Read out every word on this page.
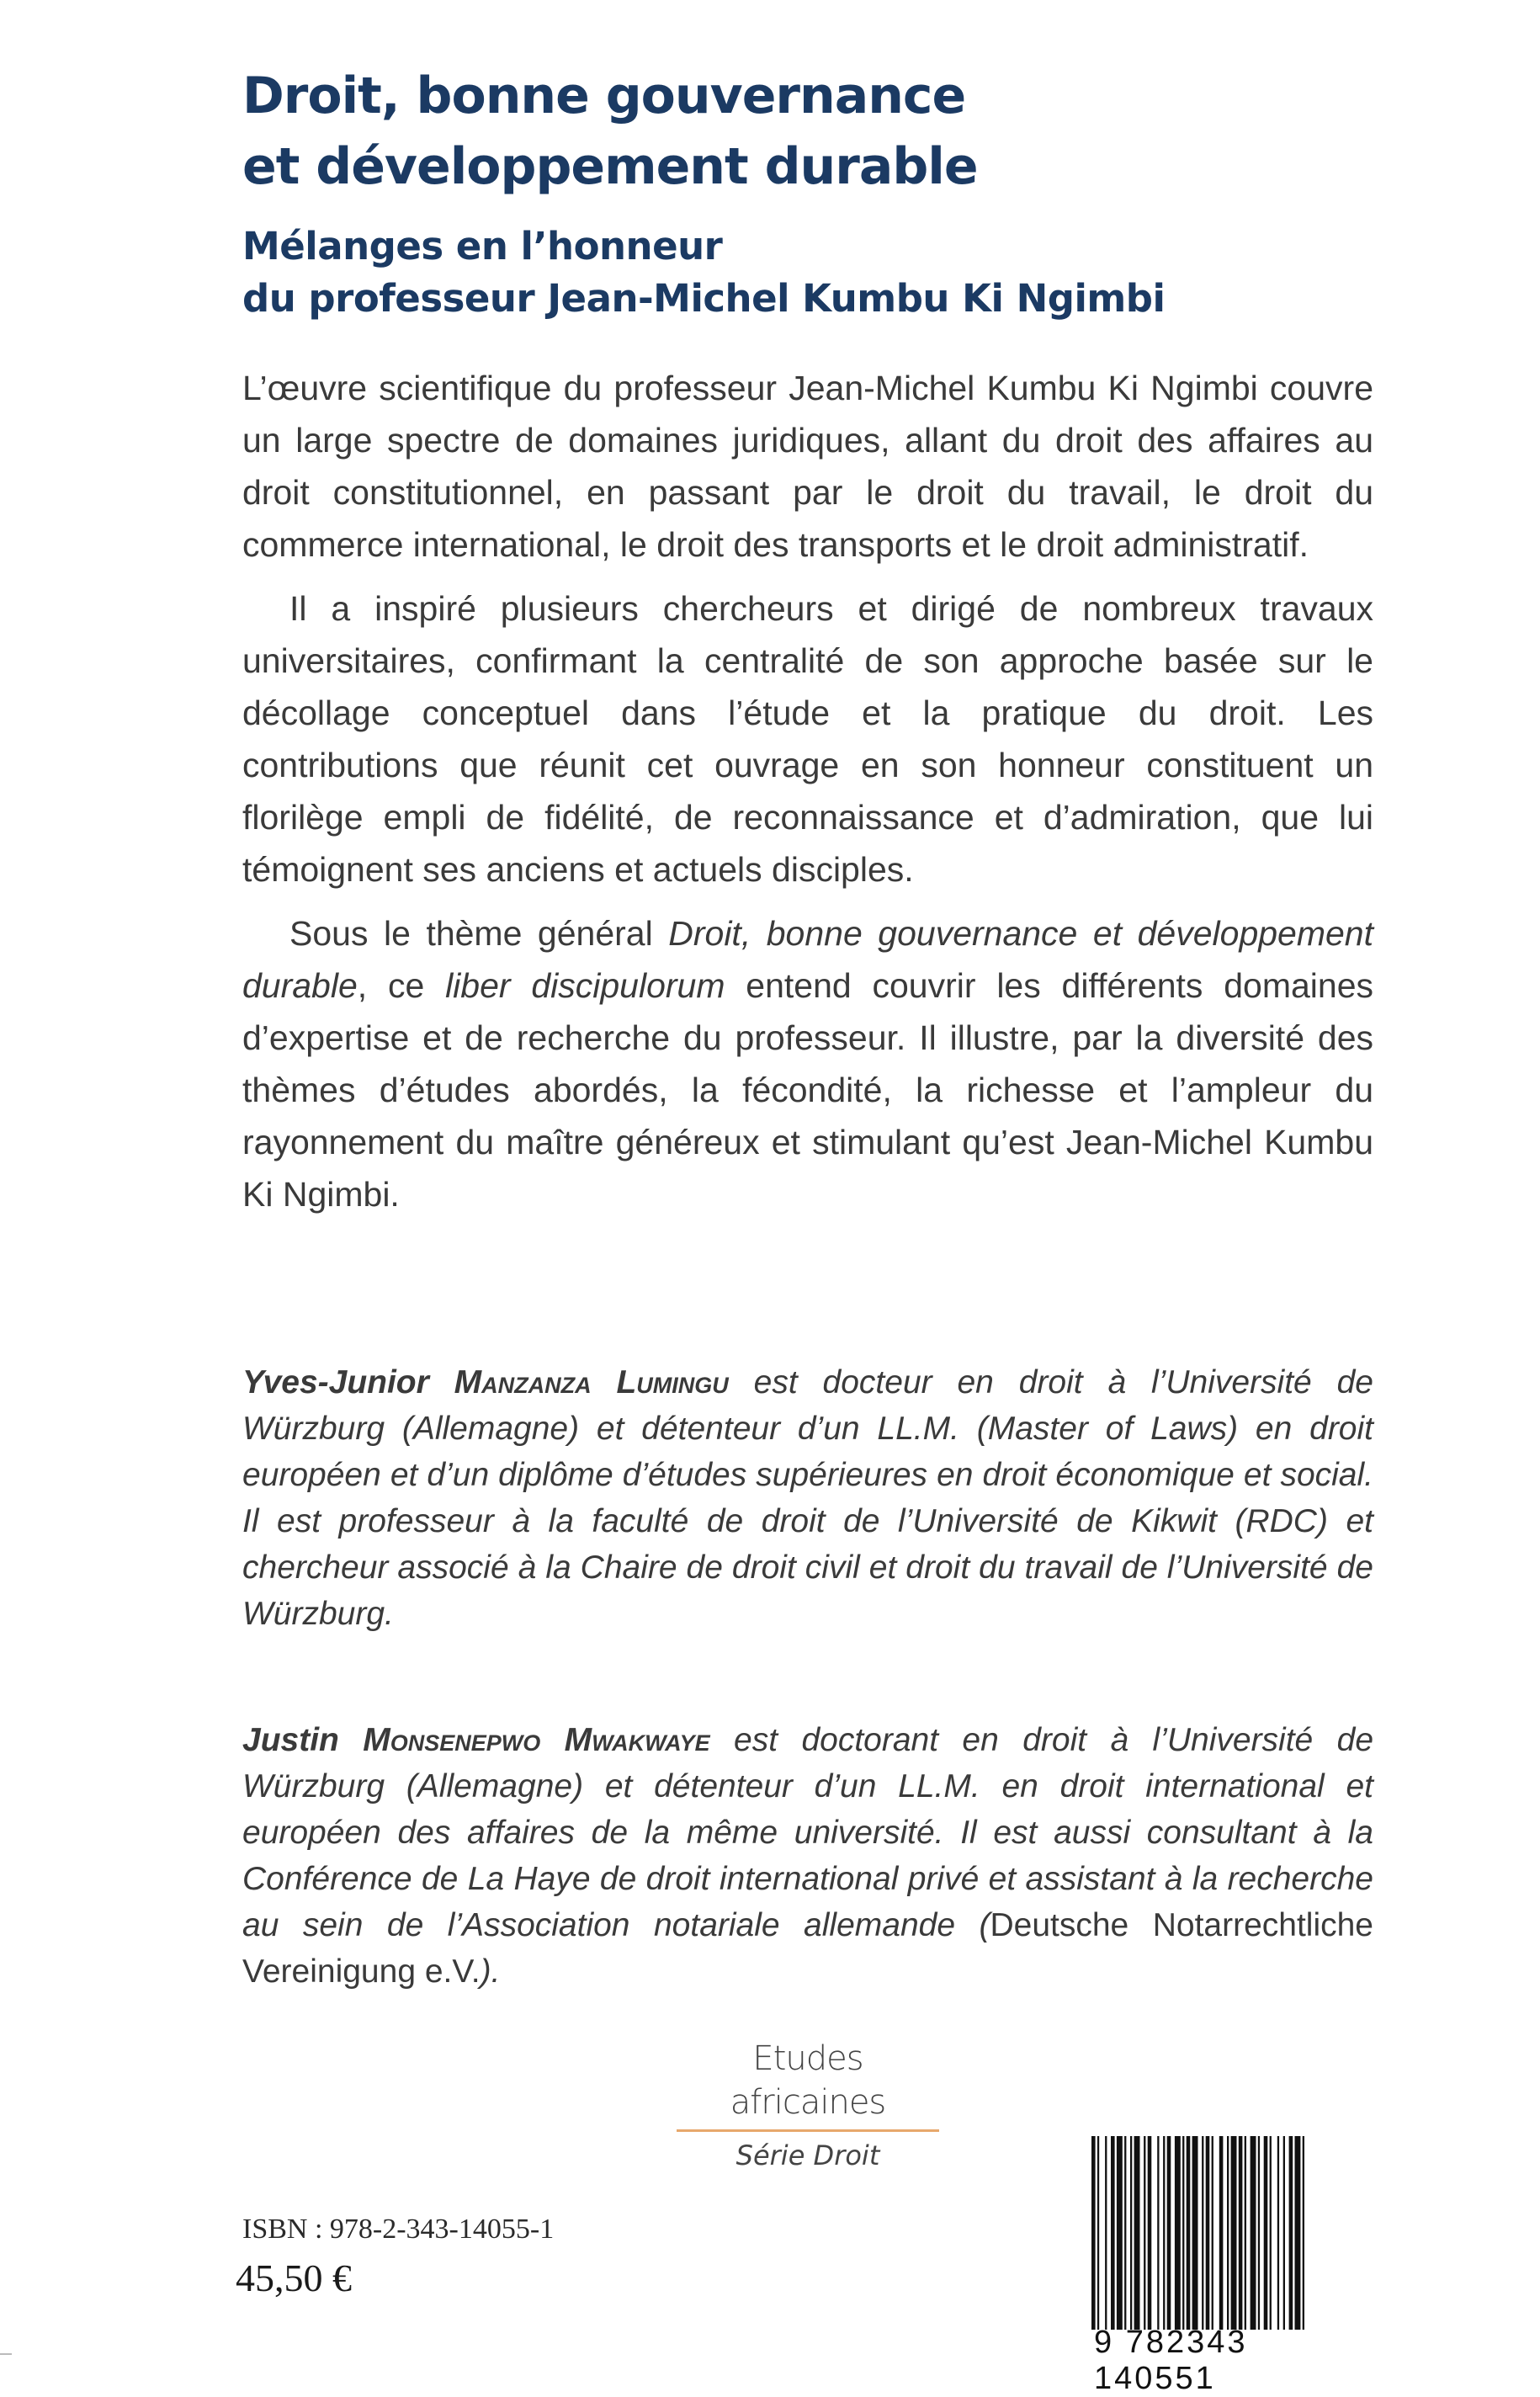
Droit, bonne gouvernance
et développement durable
Mélanges en l’honneur
du professeur Jean-Michel Kumbu Ki Ngimbi

L’œuvre scientifique du professeur Jean-Michel Kumbu Ki Ngimbi couvre un large spectre de domaines juridiques, allant du droit des affaires au droit constitutionnel, en passant par le droit du travail, le droit du commerce international, le droit des transports et le droit administratif.

Il a inspiré plusieurs chercheurs et dirigé de nombreux travaux universitaires, confirmant la centralité de son approche basée sur le décollage conceptuel dans l’étude et la pratique du droit. Les contributions que réunit cet ouvrage en son honneur constituent un florilège empli de fidélité, de reconnaissance et d’admiration, que lui témoignent ses anciens et actuels disciples.

Sous le thème général Droit, bonne gouvernance et développement durable, ce liber discipulorum entend couvrir les différents domaines d’expertise et de recherche du professeur. Il illustre, par la diversité des thèmes d’études abordés, la fécondité, la richesse et l’ampleur du rayonnement du maître généreux et stimulant qu’est Jean-Michel Kumbu Ki Ngimbi.

Yves-Junior Manzanza Lumingu est docteur en droit à l’Université de Würzburg (Allemagne) et détenteur d’un LL.M. (Master of Laws) en droit européen et d’un diplôme d’études supérieures en droit économique et social. Il est professeur à la faculté de droit de l’Université de Kikwit (RDC) et chercheur associé à la Chaire de droit civil et droit du travail de l’Université de Würzburg.
Justin Monsenepwo Mwakwaye est doctorant en droit à l’Université de Würzburg (Allemagne) et détenteur d’un LL.M. en droit international et européen des affaires de la même université. Il est aussi consultant à la Conférence de La Haye de droit international privé et assistant à la recherche au sein de l’Association notariale allemande (Deutsche Notarrechtliche Vereinigung e.V.).
Etudes africaines
Série Droit
ISBN : 978-2-343-14055-1
45,50 €
9 782343 140551
